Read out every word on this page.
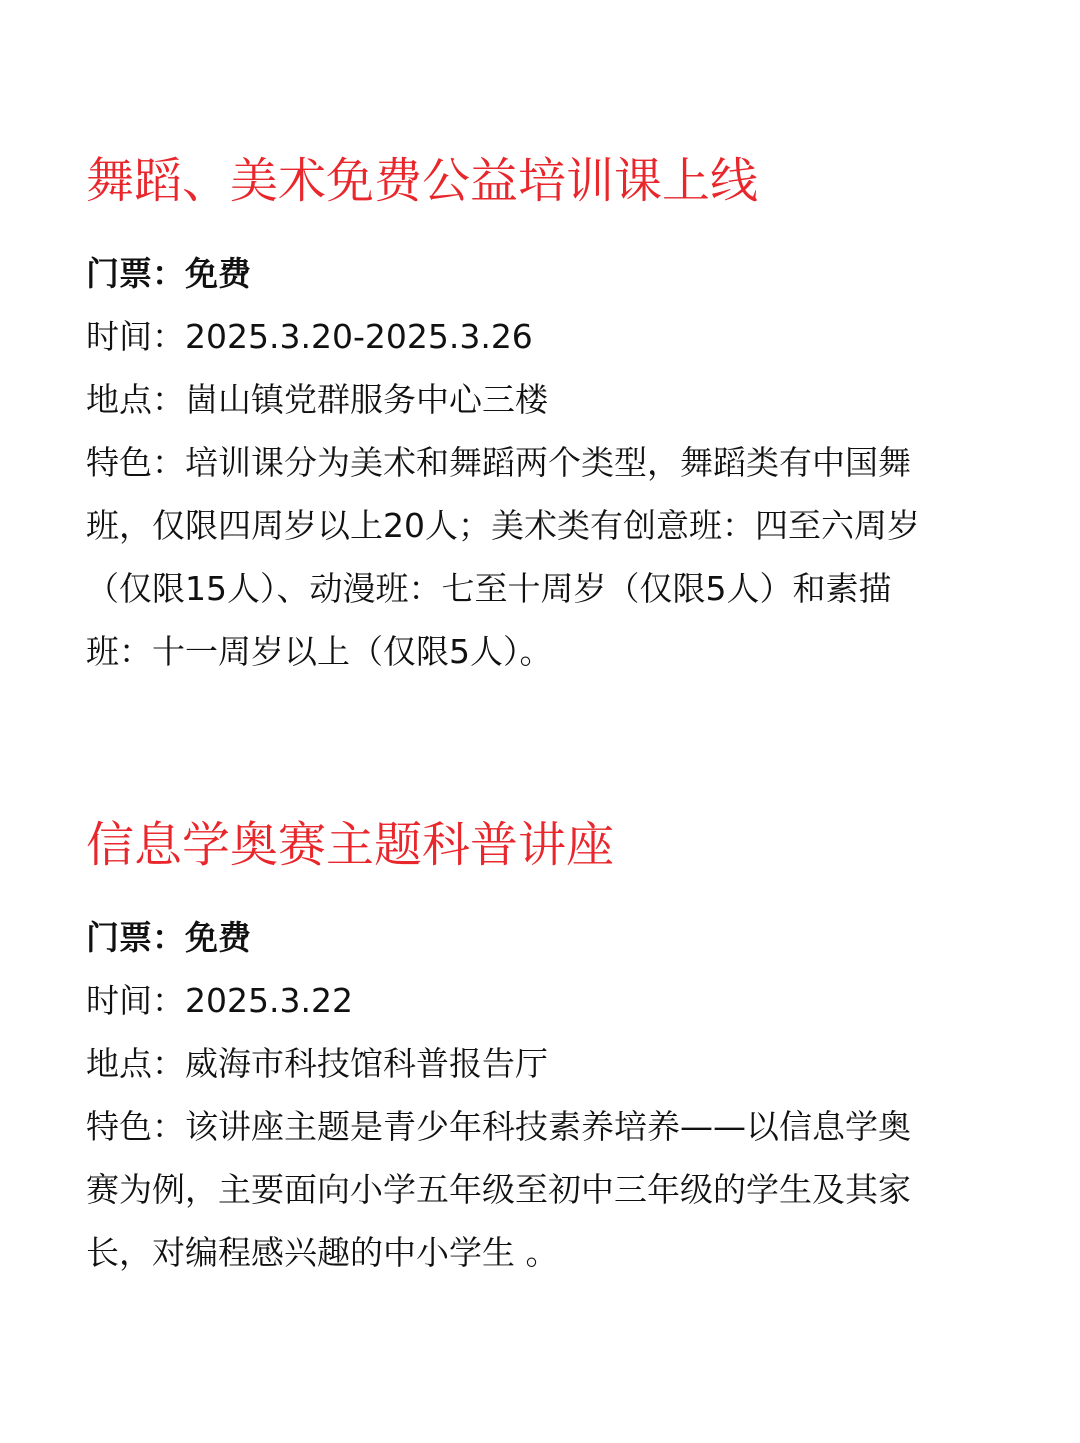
舞蹈、美术免费公益培训课上线
门票：免费
时间：2025.3.20-2025.3.26
地点：崮山镇党群服务中心三楼
特色：培训课分为美术和舞蹈两个类型，舞蹈类有中国舞
班，仅限四周岁以上20人；美术类有创意班：四至六周岁
（仅限15人）、动漫班：七至十周岁（仅限5人）和素描
班：十一周岁以上（仅限5人）。
信息学奥赛主题科普讲座
门票：免费
时间：2025.3.22
地点：威海市科技馆科普报告厅
特色：该讲座主题是青少年科技素养培养——以信息学奥
赛为例，主要面向小学五年级至初中三年级的学生及其家
长，对编程感兴趣的中小学生 。
